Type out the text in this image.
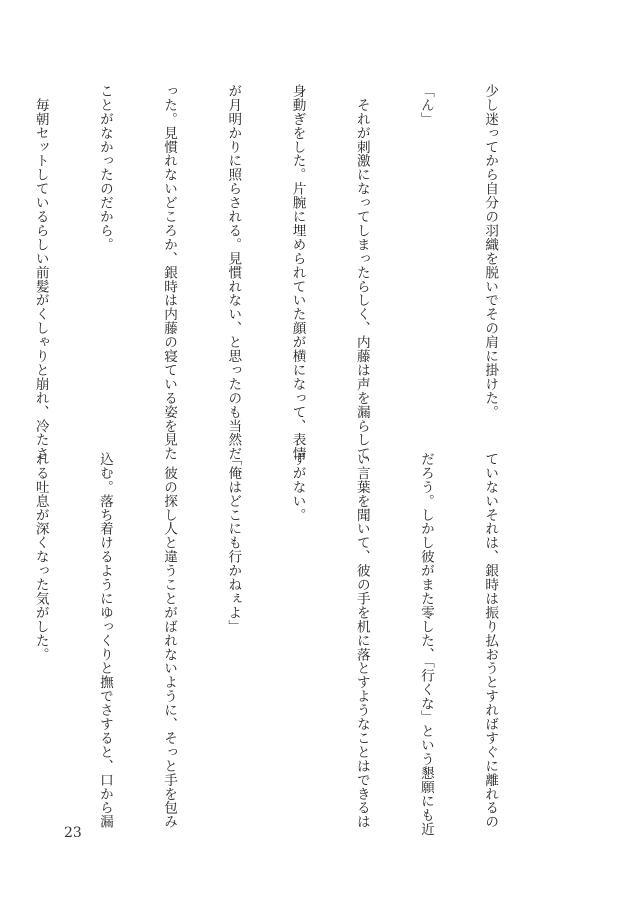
少し迷ってから自分の羽織を脱いでその肩に掛けた。

「ん」

　それが刺激になってしまったらしく、内藤は声を漏らして

身動ぎをした。片腕に埋められていた顔が横になって、表情

が月明かりに照らされる。見慣れない、と思ったのも当然だ

った。見慣れないどころか、銀時は内藤の寝ている姿を見た

ことがなかったのだから。

　毎朝セットしているらしい前髪がくしゃりと崩れ、冷たさ

ていないそれは、銀時は振り払おうとすればすぐに離れるの

だろう。しかし彼がまた零した、「行くな」という懇願にも近

い言葉を聞いて、彼の手を机に落とすようなことはできるは

ずがない。

「俺はどこにも行かねぇよ」

　彼の探し人と違うことがばれないように、そっと手を包み

込む。落ち着けるようにゆっくりと撫でさすると、口から漏

れる吐息が深くなった気がした。

23
